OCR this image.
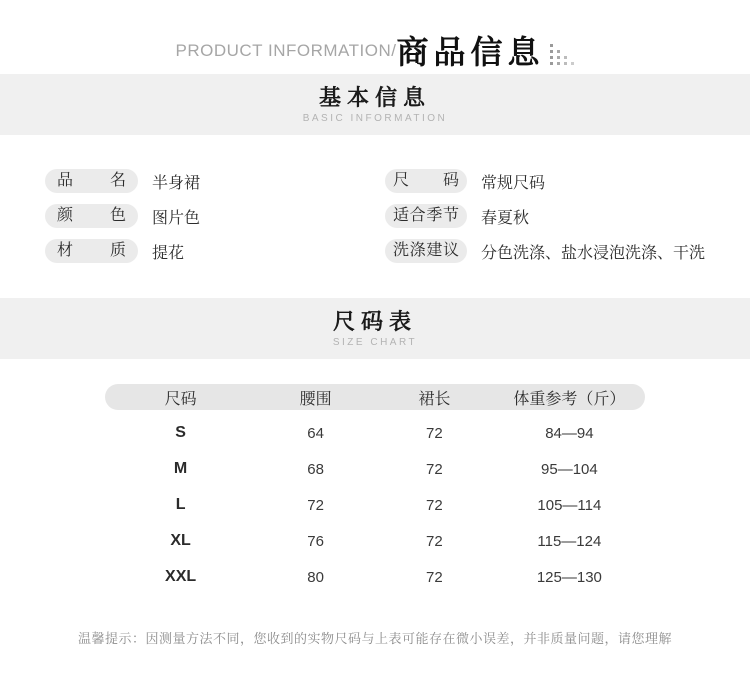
PRODUCT INFORMATION/ 商品信息
基本信息
BASIC INFORMATION
品名	半身裙	尺码	常规尺码
颜色	图片色	适合季节	春夏秋
材质	提花	洗涤建议	分色洗涤、盐水浸泡洗涤、干洗
尺码表
SIZE CHART
尺码	腰围	裙长	体重参考（斤）
S	64	72	84—94
M	68	72	95—104
L	72	72	105—114
XL	76	72	115—124
XXL	80	72	125—130
温馨提示：因测量方法不同，您收到的实物尺码与上表可能存在微小误差，并非质量问题，请您理解
